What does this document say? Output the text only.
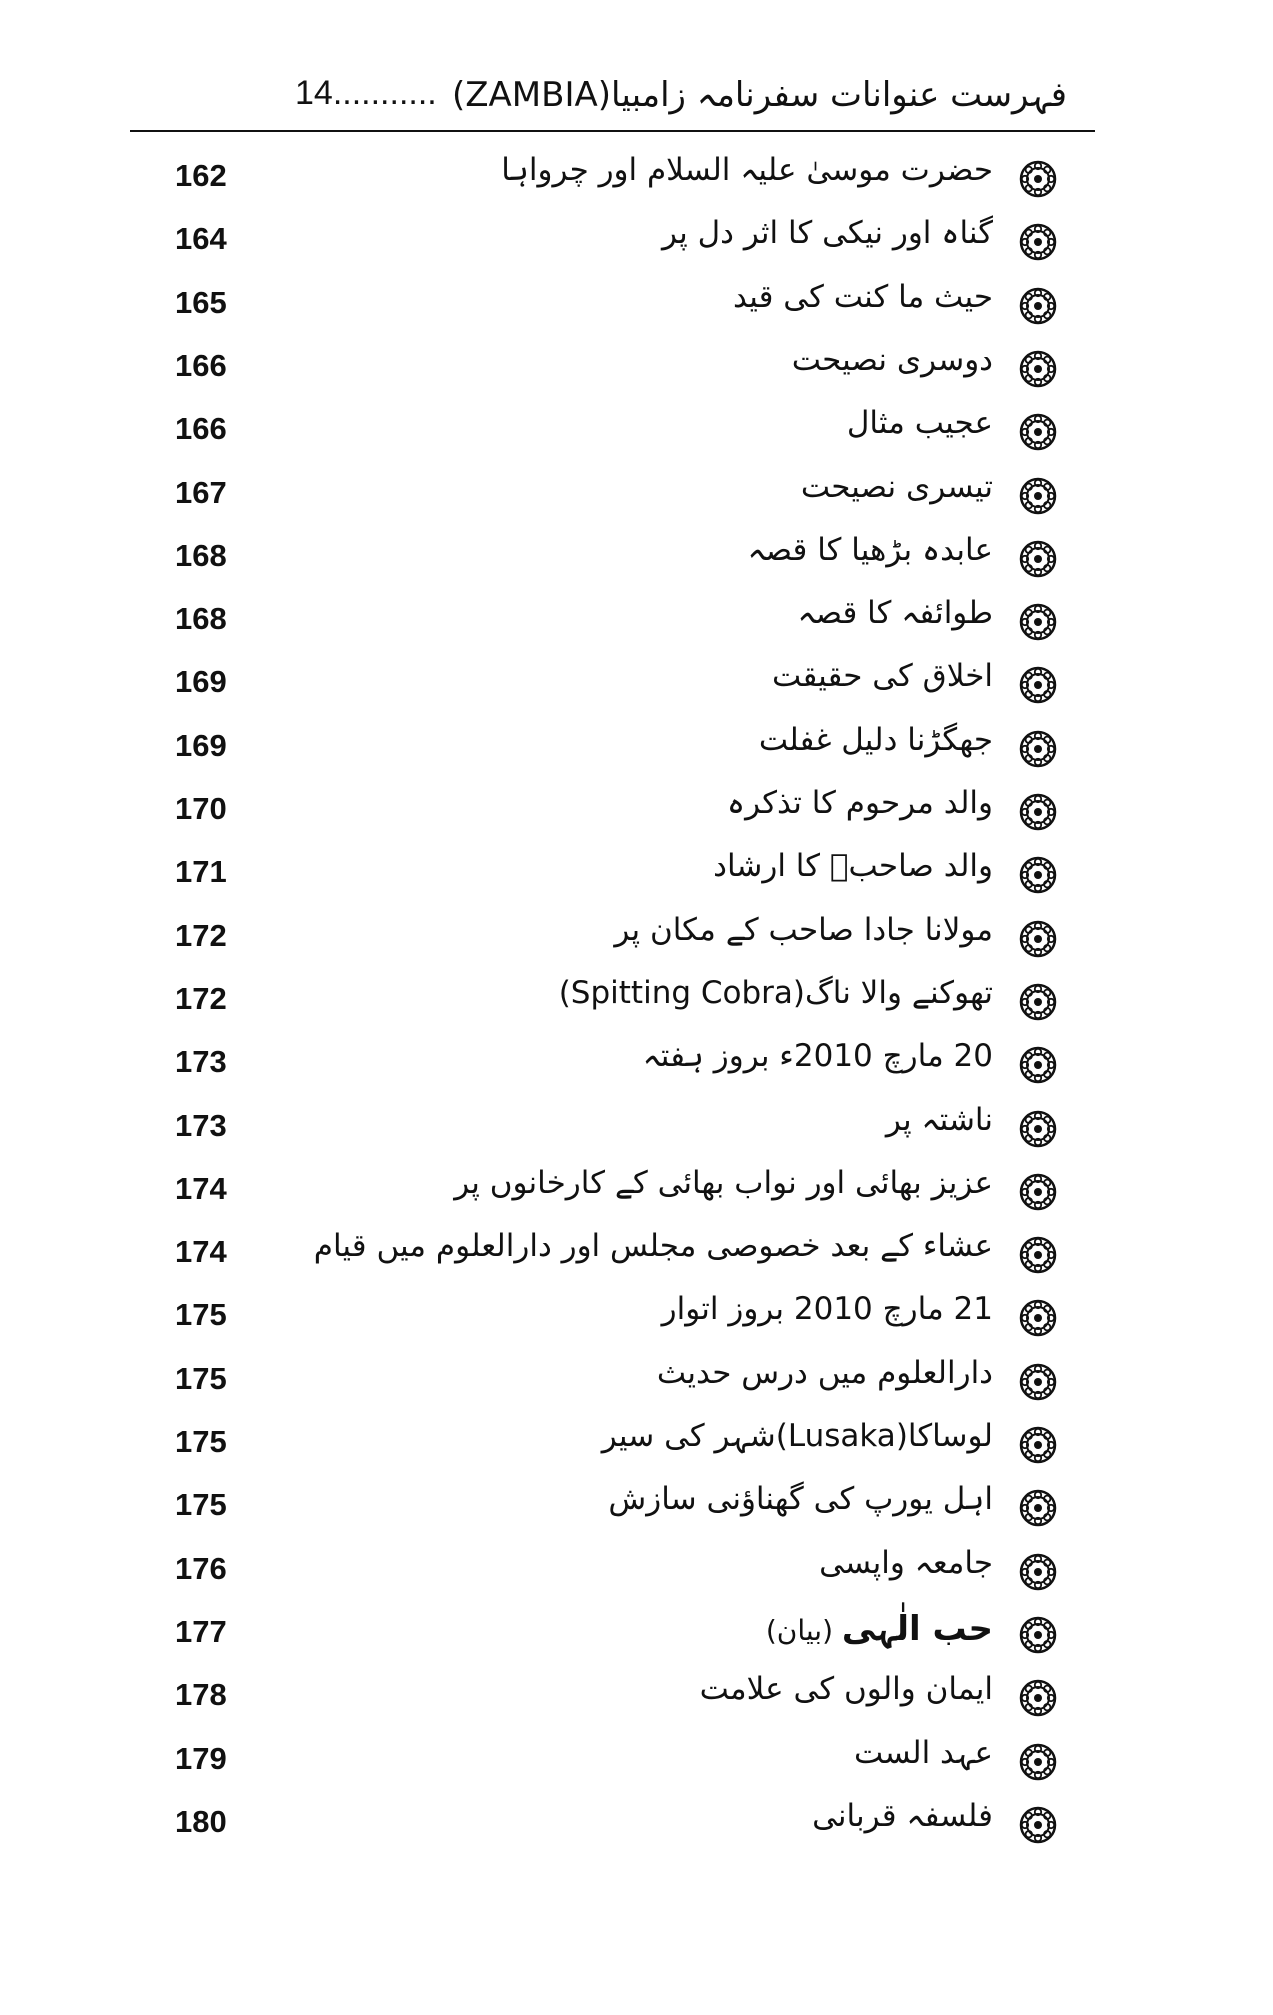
فہرست عنوانات سفرنامہ زامبیا(ZAMBIA)
14...........
162	حضرت موسیٰ علیہ السلام اور چرواہا
164	گناہ اور نیکی کا اثر دل پر
165	حیث ما کنت کی قید
166	دوسری نصیحت
166	عجیب مثال
167	تیسری نصیحت
168	عابدہ بڑھیا کا قصہ
168	طوائفہ کا قصہ
169	اخلاق کی حقیقت
169	جھگڑنا دلیل غفلت
170	والد مرحوم کا تذکرہ
171	والد صاحبؒ کا ارشاد
172	مولانا جادا صاحب کے مکان پر
172	تھوکنے والا ناگ(Spitting Cobra)
173	20 مارچ 2010ء بروز ہفتہ
173	ناشتہ پر
174	عزیز بھائی اور نواب بھائی کے کارخانوں پر
174	عشاء کے بعد خصوصی مجلس اور دارالعلوم میں قیام
175	21 مارچ 2010 بروز اتوار
175	دارالعلوم میں درس حدیث
175	لوساکا(Lusaka)شہر کی سیر
175	اہل یورپ کی گھناؤنی سازش
176	جامعہ واپسی
177	حب الٰہی (بیان)
178	ایمان والوں کی علامت
179	عہد الست
180	فلسفہ قربانی
